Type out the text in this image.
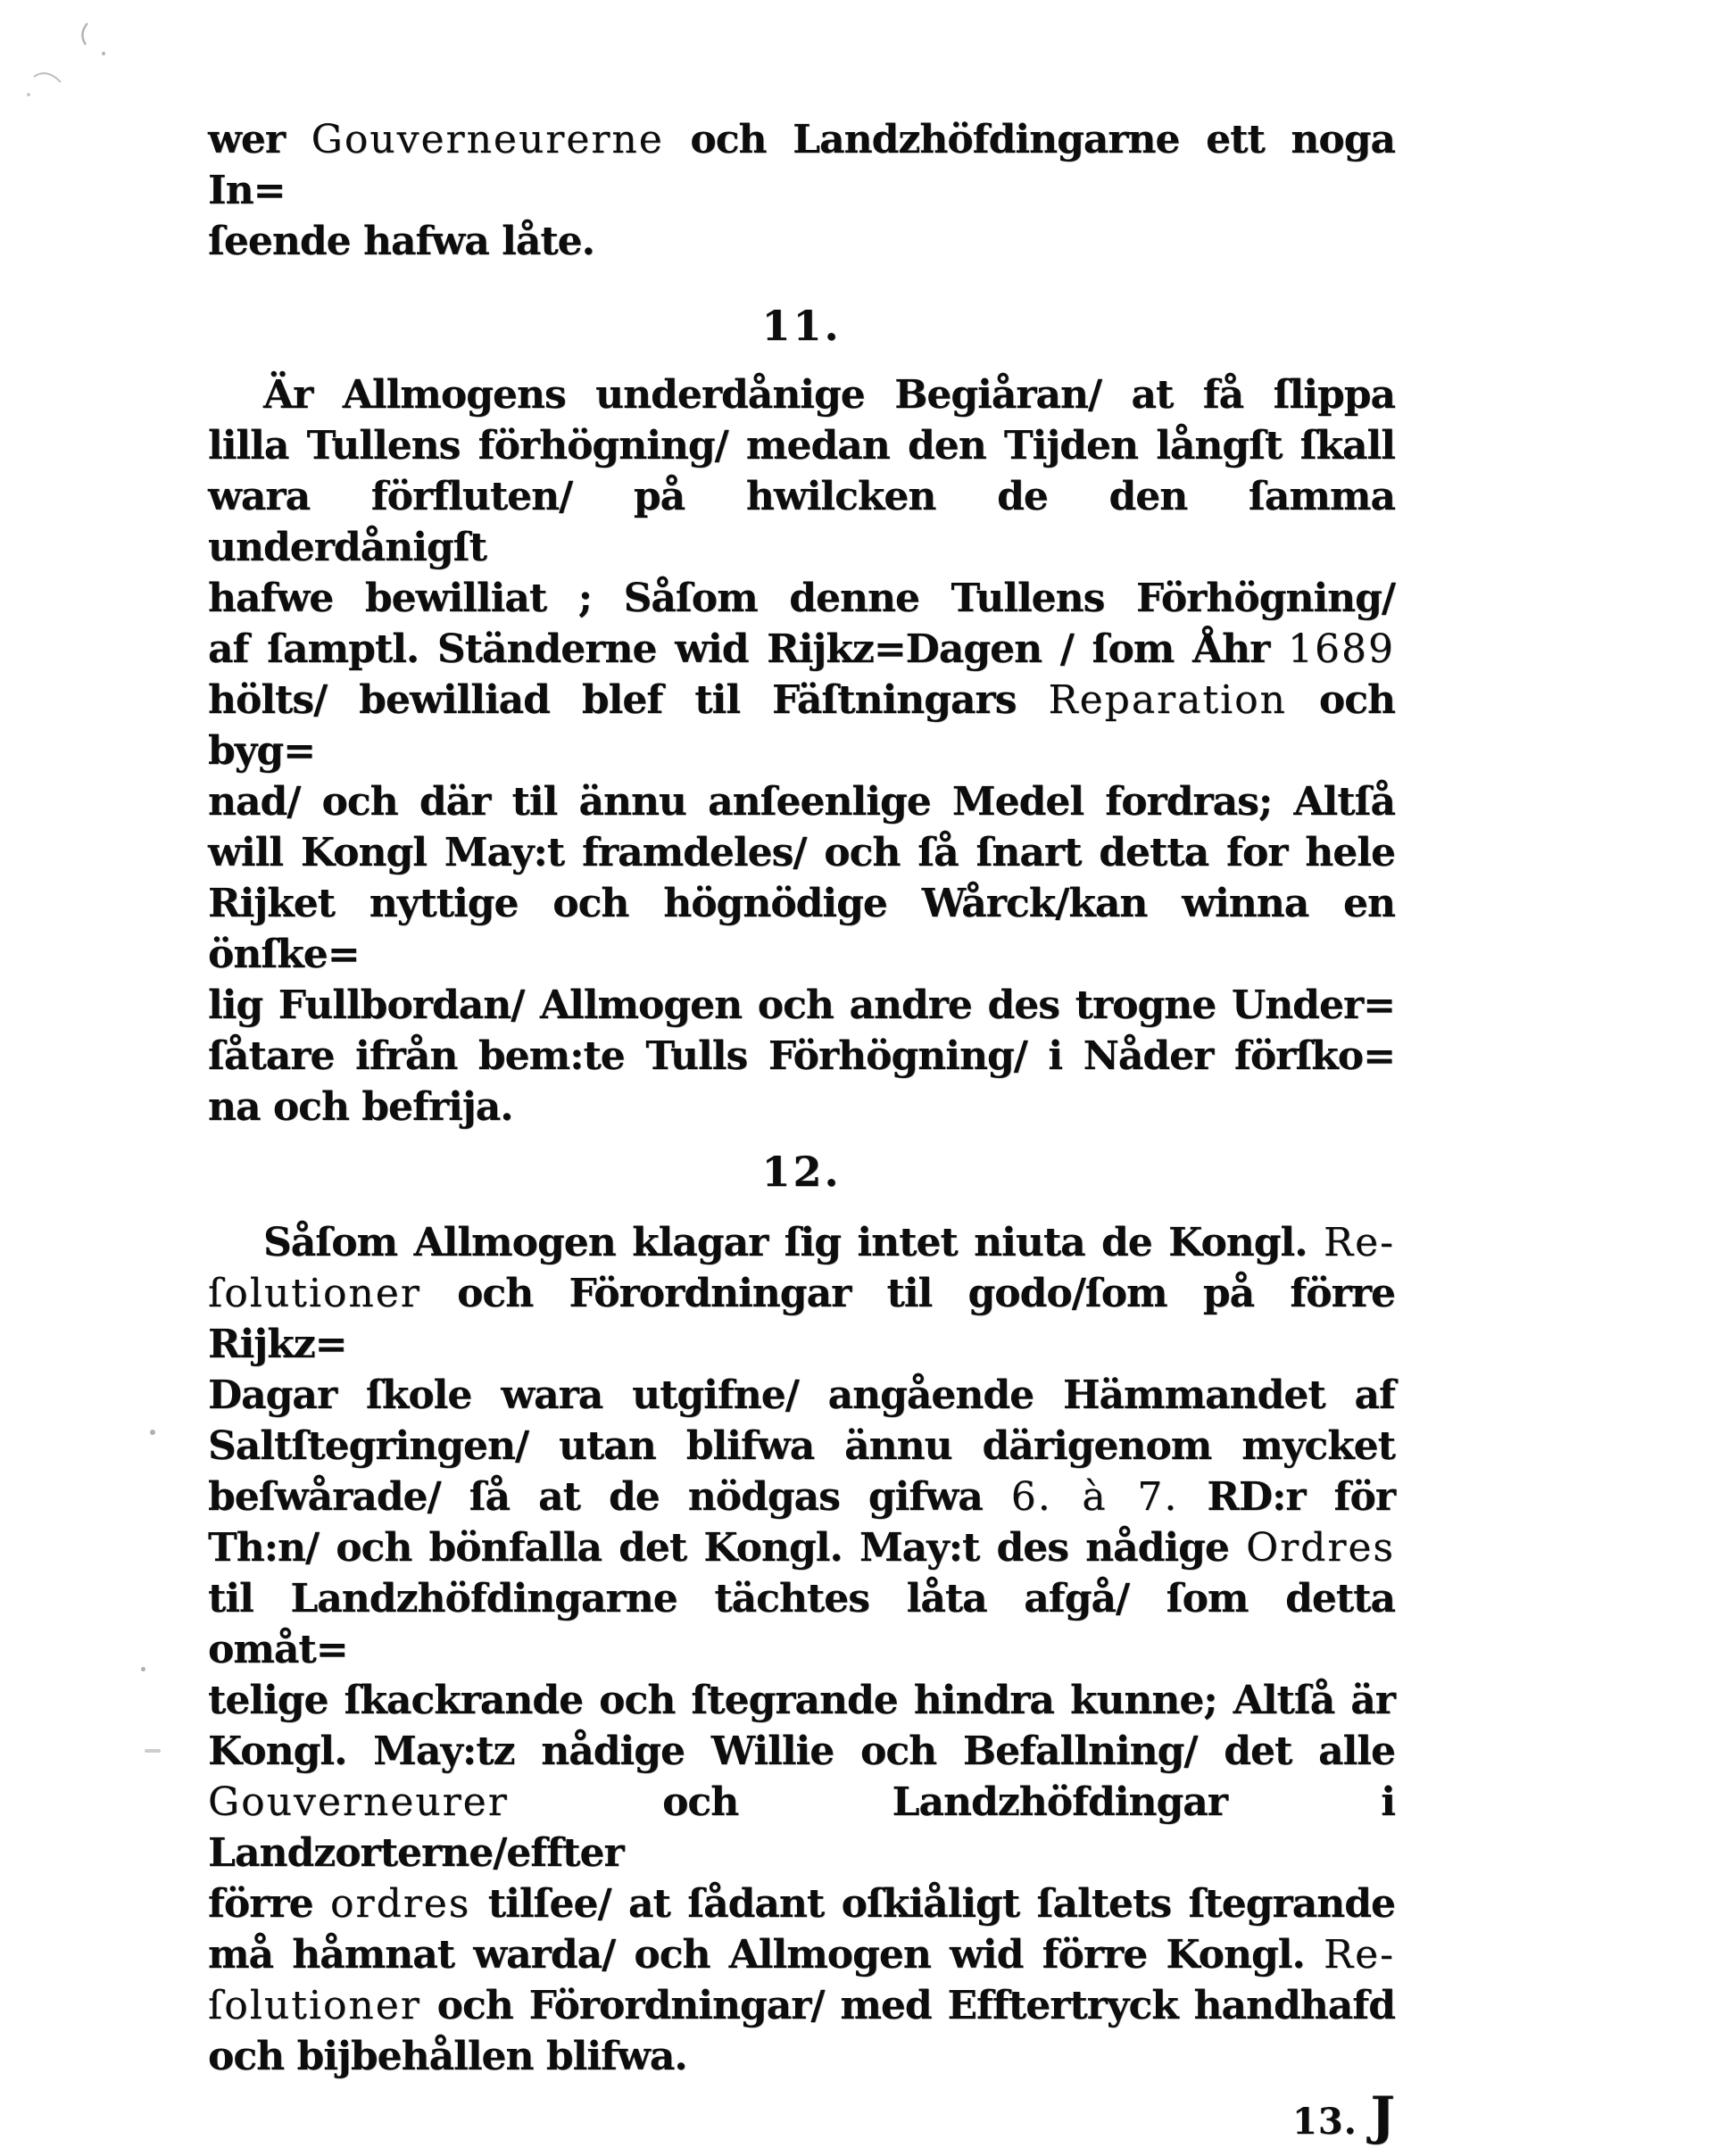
wer Gouverneurerne och Landzhöfdingarne ett noga In=
ſeende hafwa låte.
11.
Är Allmogens underdånige Begiåran/ at få ſlippa
lilla Tullens förhögning/ medan den Tijden långſt ſkall
wara förfluten/ på hwilcken de den ſamma underdånigſt
hafwe bewilliat ; Såſom denne Tullens Förhögning/
af ſamptl. Ständerne wid Rijkz=Dagen / ſom Åhr 1689
hölts/ bewilliad blef til Fäſtningars Reparation och byg=
nad/ och där til ännu anſeenlige Medel fordras; Altſå
will Kongl May:t framdeles/ och ſå ſnart detta for hele
Rijket nyttige och högnödige Wårck/kan winna en önſke=
lig Fullbordan/ Allmogen och andre des trogne Under=
ſåtare ifrån bem:te Tulls Förhögning/ i Nåder förſko=
na och befrija.
12.
Såſom Allmogen klagar ſig intet niuta de Kongl. Re-
ſolutioner och Förordningar til godo/ſom på förre Rijkz=
Dagar ſkole wara utgifne/ angående Hämmandet af
Saltſtegringen/ utan blifwa ännu därigenom mycket
beſwårade/ ſå at de nödgas gifwa 6. à 7. RD:r för
Th:n/ och bönfalla det Kongl. May:t des nådige Ordres
til Landzhöfdingarne tächtes låta afgå/ ſom detta omåt=
telige ſkackrande och ſtegrande hindra kunne; Altſå är
Kongl. May:tz nådige Willie och Befallning/ det alle
Gouverneurer och Landzhöfdingar i Landzorterne/effter
förre ordres tilſee/ at ſådant oſkiåligt ſaltets ſtegrande
må håmnat warda/ och Allmogen wid förre Kongl. Re-
ſolutioner och Förordningar/ med Efftertryck handhafd
och bijbehållen blifwa.
13. J
